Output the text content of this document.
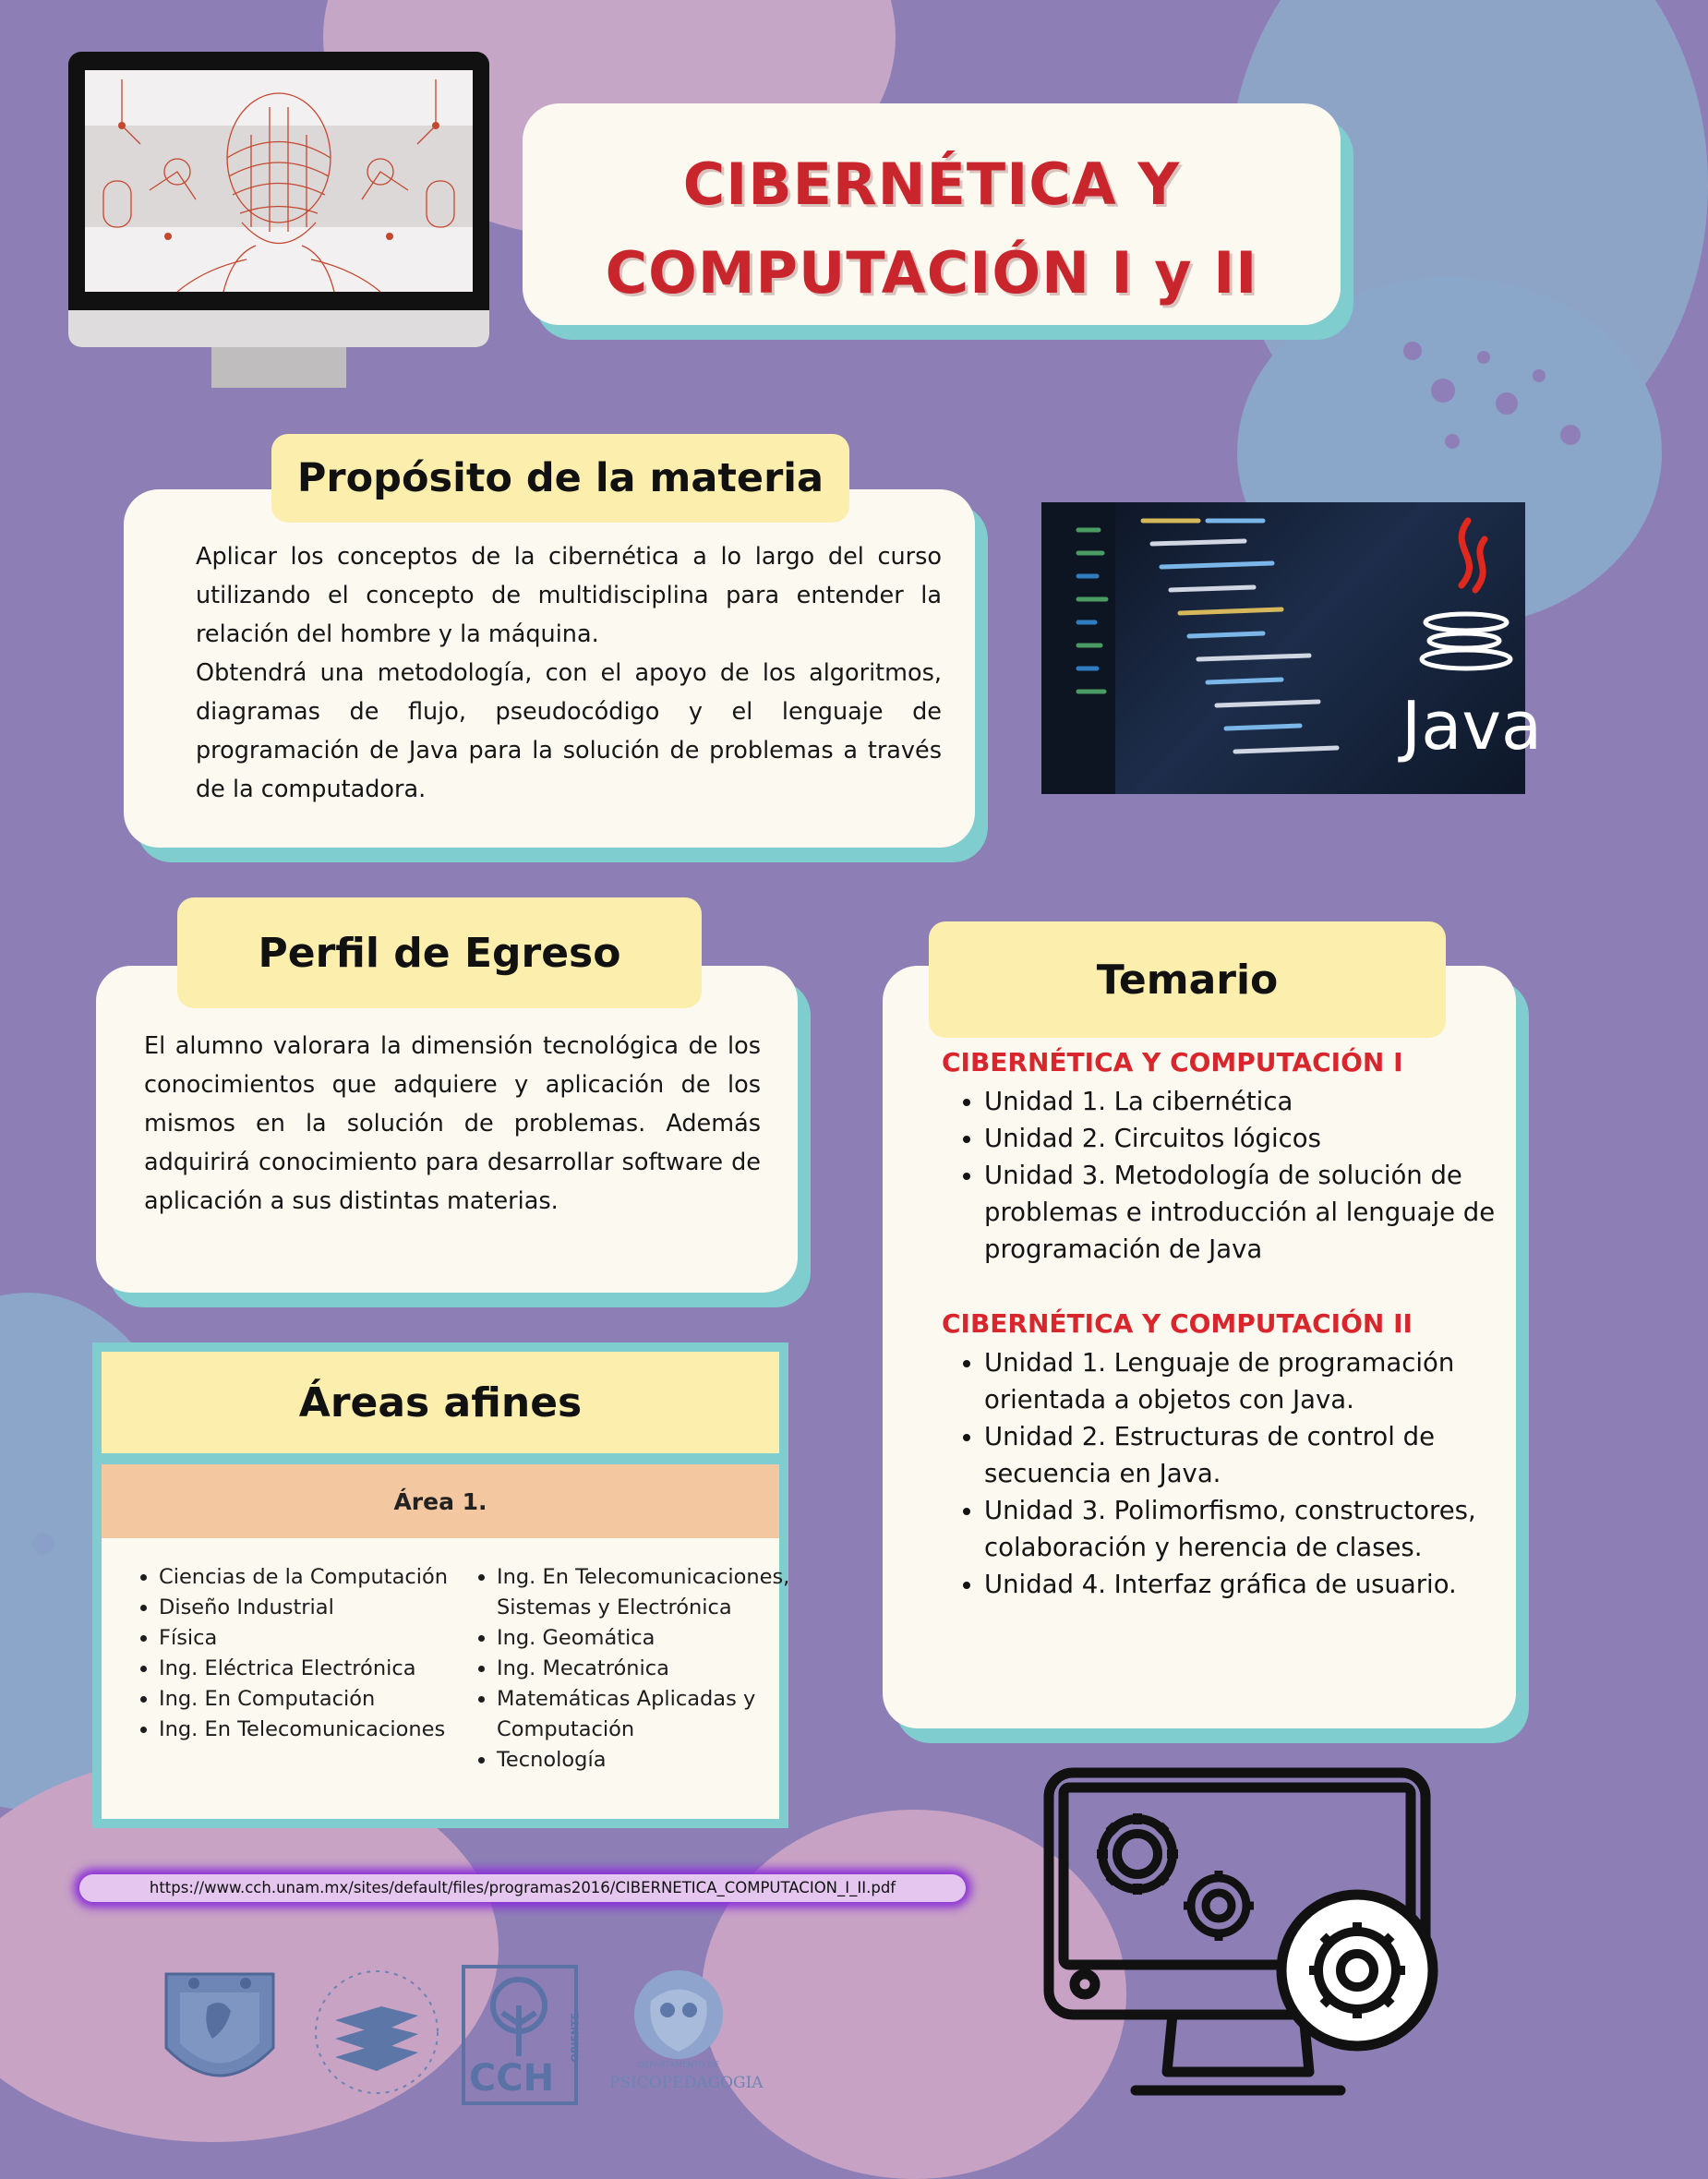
CIBERNÉTICA Y
COMPUTACIÓN I y II
Aplicar los conceptos de la cibernética a lo largo del curso utilizando el concepto de multidisciplina para entender la relación del hombre y la máquina.
Obtendrá una metodología, con el apoyo de los algoritmos, diagramas de flujo, pseudocódigo y el lenguaje de programación de Java para la solución de problemas a través de la computadora.
Propósito de la materia
Java
El alumno valorara la dimensión tecnológica de los conocimientos que adquiere y aplicación de los mismos en la solución de problemas. Además adquirirá conocimiento para desarrollar software de aplicación a sus distintas materias.
Perfil de Egreso
CIBERNÉTICA Y COMPUTACIÓN I
• Unidad 1. La cibernética
• Unidad 2. Circuitos lógicos
• Unidad 3. Metodología de solución de problemas e introducción al lenguaje de programación de Java
CIBERNÉTICA Y COMPUTACIÓN II
• Unidad 1. Lenguaje de programación orientada a objetos con Java.
• Unidad 2. Estructuras de control de secuencia en Java.
• Unidad 3. Polimorfismo, constructores, colaboración y herencia de clases.
• Unidad 4. Interfaz gráfica de usuario.
Temario
Áreas afines
Área 1.
• Ciencias de la Computación
• Diseño Industrial
• Física
• Ing. Eléctrica Electrónica
• Ing. En Computación
• Ing. En Telecomunicaciones
• Ing. En Telecomunicaciones, Sistemas y Electrónica
• Ing. Geomática
• Ing. Mecatrónica
• Matemáticas Aplicadas y Computación
• Tecnología
https://www.cch.unam.mx/sites/default/files/programas2016/CIBERNETICA_COMPUTACION_I_II.pdf
CCH
ORIENTE
DEPARTAMENTO DE
PSICOPEDAGOGIA
